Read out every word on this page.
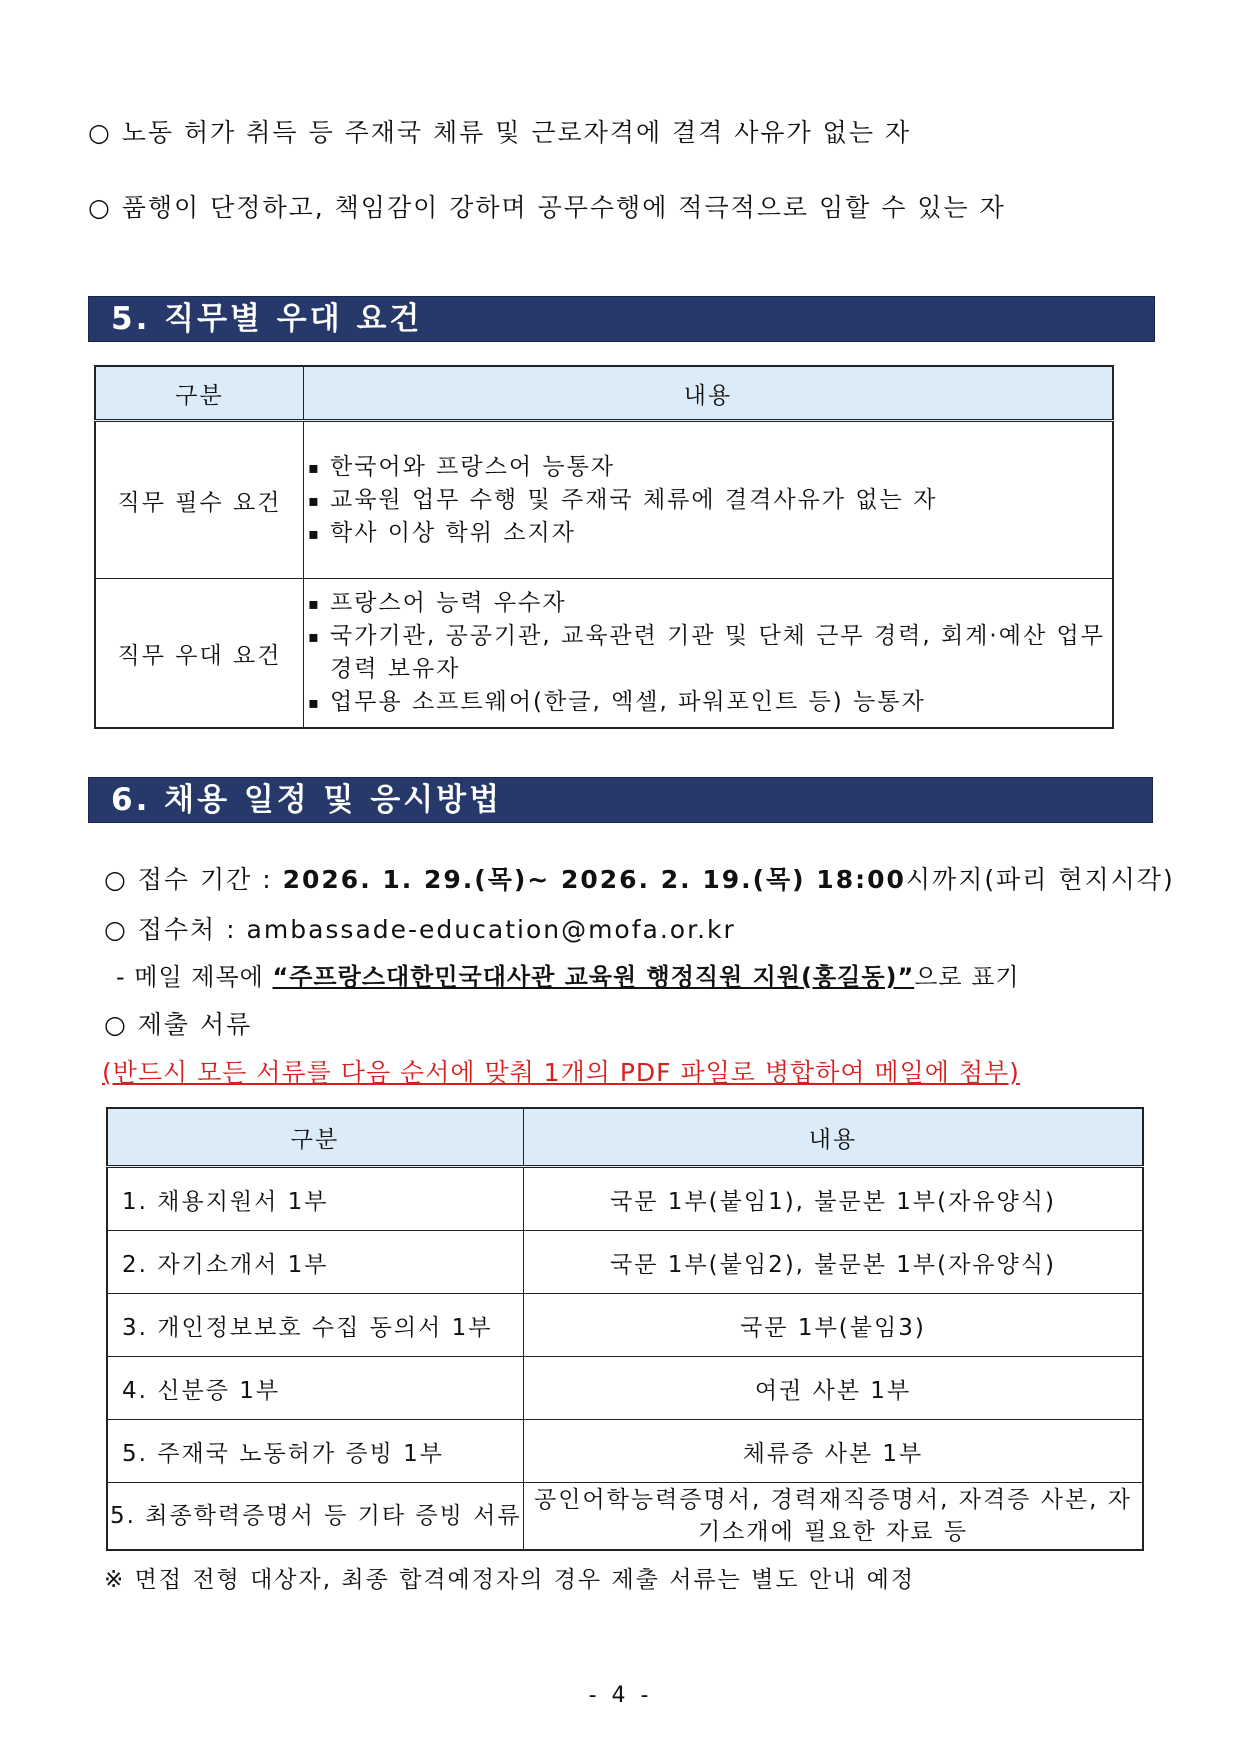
○ 노동 허가 취득 등 주재국 체류 및 근로자격에 결격 사유가 없는 자
○ 품행이 단정하고, 책임감이 강하며 공무수행에 적극적으로 임할 수 있는 자
5. 직무별 우대 요건
구분	내용
직무 필수 요건	▪ 한국어와 프랑스어 능통자
▪ 교육원 업무 수행 및 주재국 체류에 결격사유가 없는 자
▪ 학사 이상 학위 소지자

직무 우대 요건	▪ 프랑스어 능력 우수자
▪ 국가기관, 공공기관, 교육관련 기관 및 단체 근무 경력, 회계·예산 업무 경력 보유자
▪ 업무용 소프트웨어(한글, 엑셀, 파워포인트 등) 능통자
6. 채용 일정 및 응시방법
○ 접수 기간 : 2026. 1. 29.(목)~ 2026. 2. 19.(목) 18:00시까지(파리 현지시각)
○ 접수처 : ambassade-education@mofa.or.kr
- 메일 제목에 “주프랑스대한민국대사관 교육원 행정직원 지원(홍길동)”으로 표기
○ 제출 서류
(반드시 모든 서류를 다음 순서에 맞춰 1개의 PDF 파일로 병합하여 메일에 첨부)
구분	내용
1. 채용지원서 1부	국문 1부(붙임1), 불문본 1부(자유양식)
2. 자기소개서 1부	국문 1부(붙임2), 불문본 1부(자유양식)
3. 개인정보보호 수집 동의서 1부	국문 1부(붙임3)
4. 신분증 1부	여권 사본 1부
5. 주재국 노동허가 증빙 1부	체류증 사본 1부
5. 최종학력증명서 등 기타 증빙 서류	공인어학능력증명서, 경력재직증명서, 자격증 사본, 자기소개에 필요한 자료 등
※ 면접 전형 대상자, 최종 합격예정자의 경우 제출 서류는 별도 안내 예정
- 4 -
